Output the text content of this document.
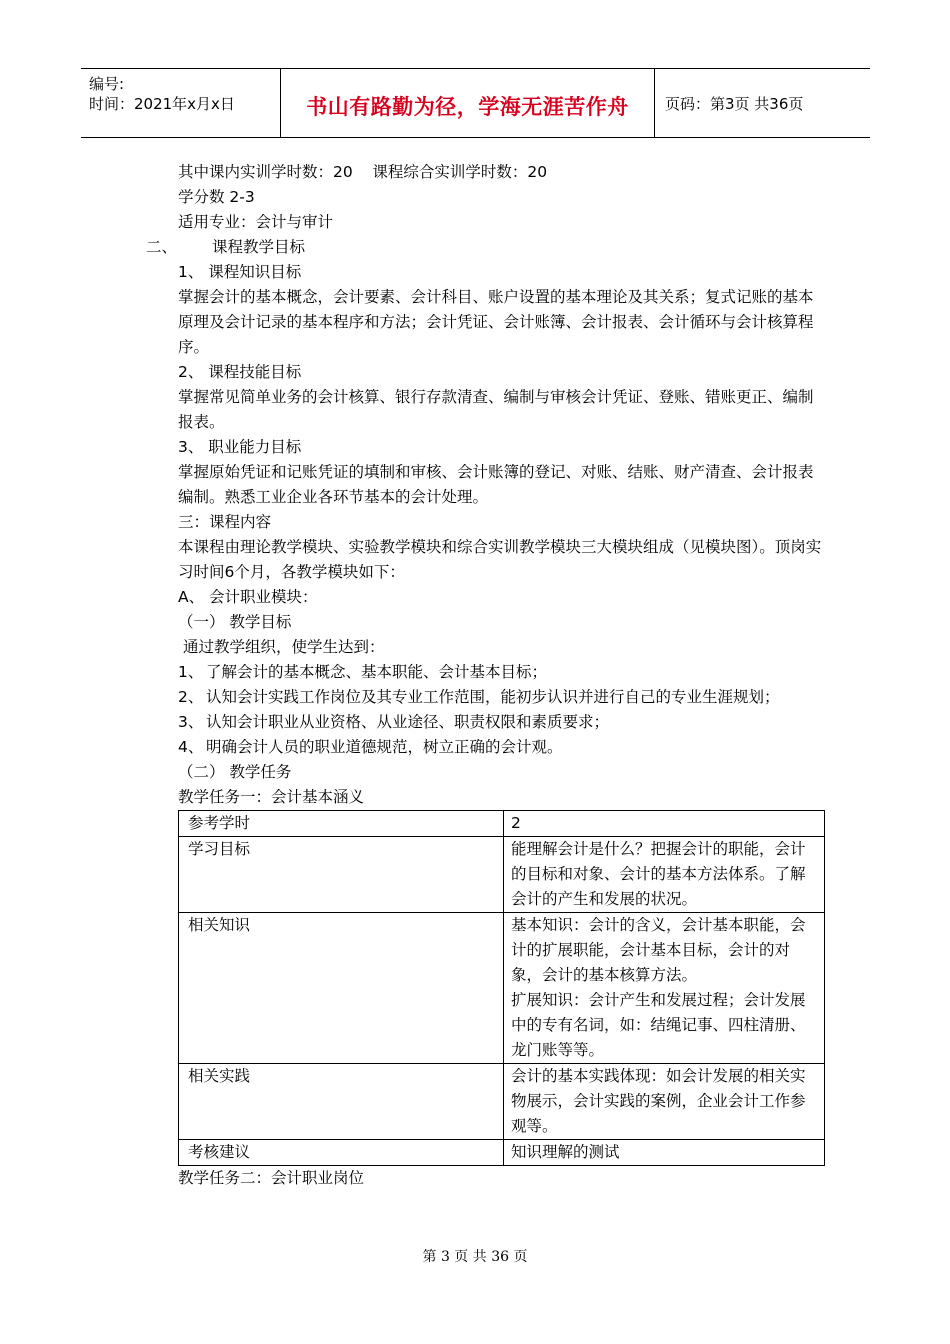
编号:
时间：2021年x月x日	书山有路勤为径，学海无涯苦作舟	页码：第3页 共36页

其中课内实训学时数：20    课程综合实训学时数：20

学分数 2-3

适用专业：会计与审计

二、 课程教学目标

1、 课程知识目标

掌握会计的基本概念，会计要素、会计科目、账户设置的基本理论及其关系；复式记账的基本原理及会计记录的基本程序和方法；会计凭证、会计账簿、会计报表、会计循环与会计核算程序。

2、 课程技能目标

掌握常见简单业务的会计核算、银行存款清查、编制与审核会计凭证、登账、错账更正、编制报表。

3、 职业能力目标

掌握原始凭证和记账凭证的填制和审核、会计账簿的登记、对账、结账、财产清查、会计报表编制。熟悉工业企业各环节基本的会计处理。

三：课程内容

本课程由理论教学模块、实验教学模块和综合实训教学模块三大模块组成（见模块图）。顶岗实习时间6个月，各教学模块如下：

A、 会计职业模块：

（一） 教学目标

通过教学组织，使学生达到：

1、 了解会计的基本概念、基本职能、会计基本目标；
2、 认知会计实践工作岗位及其专业工作范围，能初步认识并进行自己的专业生涯规划；
3、 认知会计职业从业资格、从业途径、职责权限和素质要求；
4、 明确会计人员的职业道德规范，树立正确的会计观。

（二） 教学任务

教学任务一：会计基本涵义

参考学时	2

学习目标	能理解会计是什么？把握会计的职能，会计的目标和对象、会计的基本方法体系。了解会计的产生和发展的状况。

相关知识	基本知识：会计的含义，会计基本职能，会计的扩展职能，会计基本目标，会计的对象，会计的基本核算方法。
扩展知识：会计产生和发展过程；会计发展中的专有名词，如：结绳记事、四柱清册、龙门账等等。

相关实践	会计的基本实践体现：如会计发展的相关实物展示，会计实践的案例，企业会计工作参观等。

考核建议	知识理解的测试

教学任务二：会计职业岗位

第 3 页 共 36 页
